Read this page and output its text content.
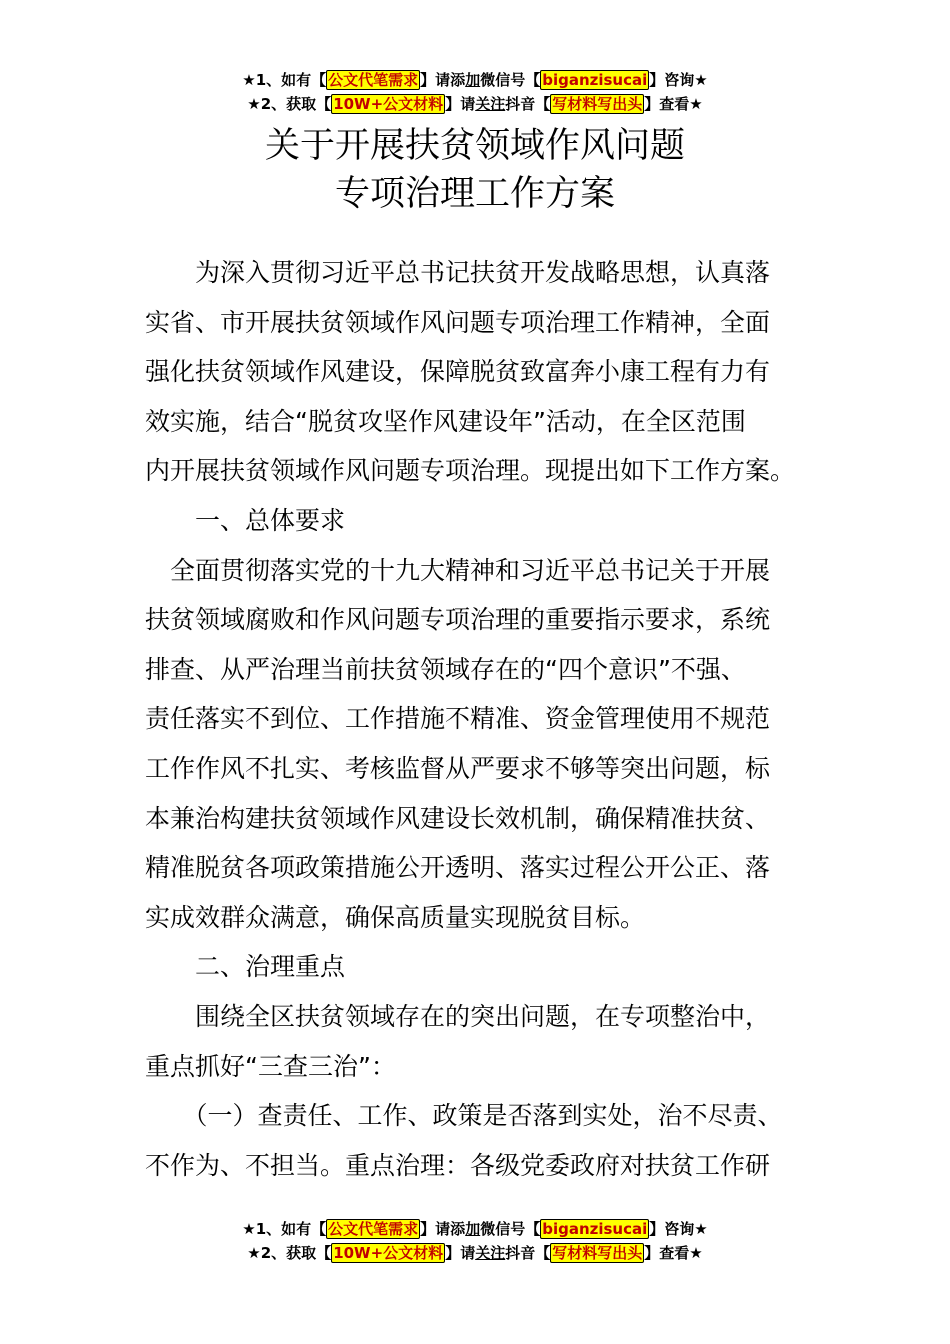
★1、如有【 公文代笔需求 】请添加微信号【 biganzisucai 】咨询★
★2、获取【 10W+公文材料 】请关注抖音【 写材料写出头 】查看★
关于开展扶贫领域作风问题
专项治理工作方案

　　为深入贯彻习近平总书记扶贫开发战略思想，认真落

实省、市开展扶贫领域作风问题专项治理工作精神，全面

强化扶贫领域作风建设，保障脱贫致富奔小康工程有力有

效实施，结合“脱贫攻坚作风建设年”活动，在全区范围

内开展扶贫领域作风问题专项治理。现提出如下工作方案。

　　一、总体要求

　全面贯彻落实党的十九大精神和习近平总书记关于开展

扶贫领域腐败和作风问题专项治理的重要指示要求，系统

排查、从严治理当前扶贫领域存在的“四个意识”不强、

责任落实不到位、工作措施不精准、资金管理使用不规范

工作作风不扎实、考核监督从严要求不够等突出问题，标

本兼治构建扶贫领域作风建设长效机制，确保精准扶贫、

精准脱贫各项政策措施公开透明、落实过程公开公正、落

实成效群众满意，确保高质量实现脱贫目标。

　　二、治理重点

　　围绕全区扶贫领域存在的突出问题，在专项整治中，

重点抓好“三查三治”：

　　（一）查责任、工作、政策是否落到实处，治不尽责、

不作为、不担当。重点治理：各级党委政府对扶贫工作研

★1、如有【 公文代笔需求 】请添加微信号【 biganzisucai 】咨询★
★2、获取【 10W+公文材料 】请关注抖音【 写材料写出头 】查看★
